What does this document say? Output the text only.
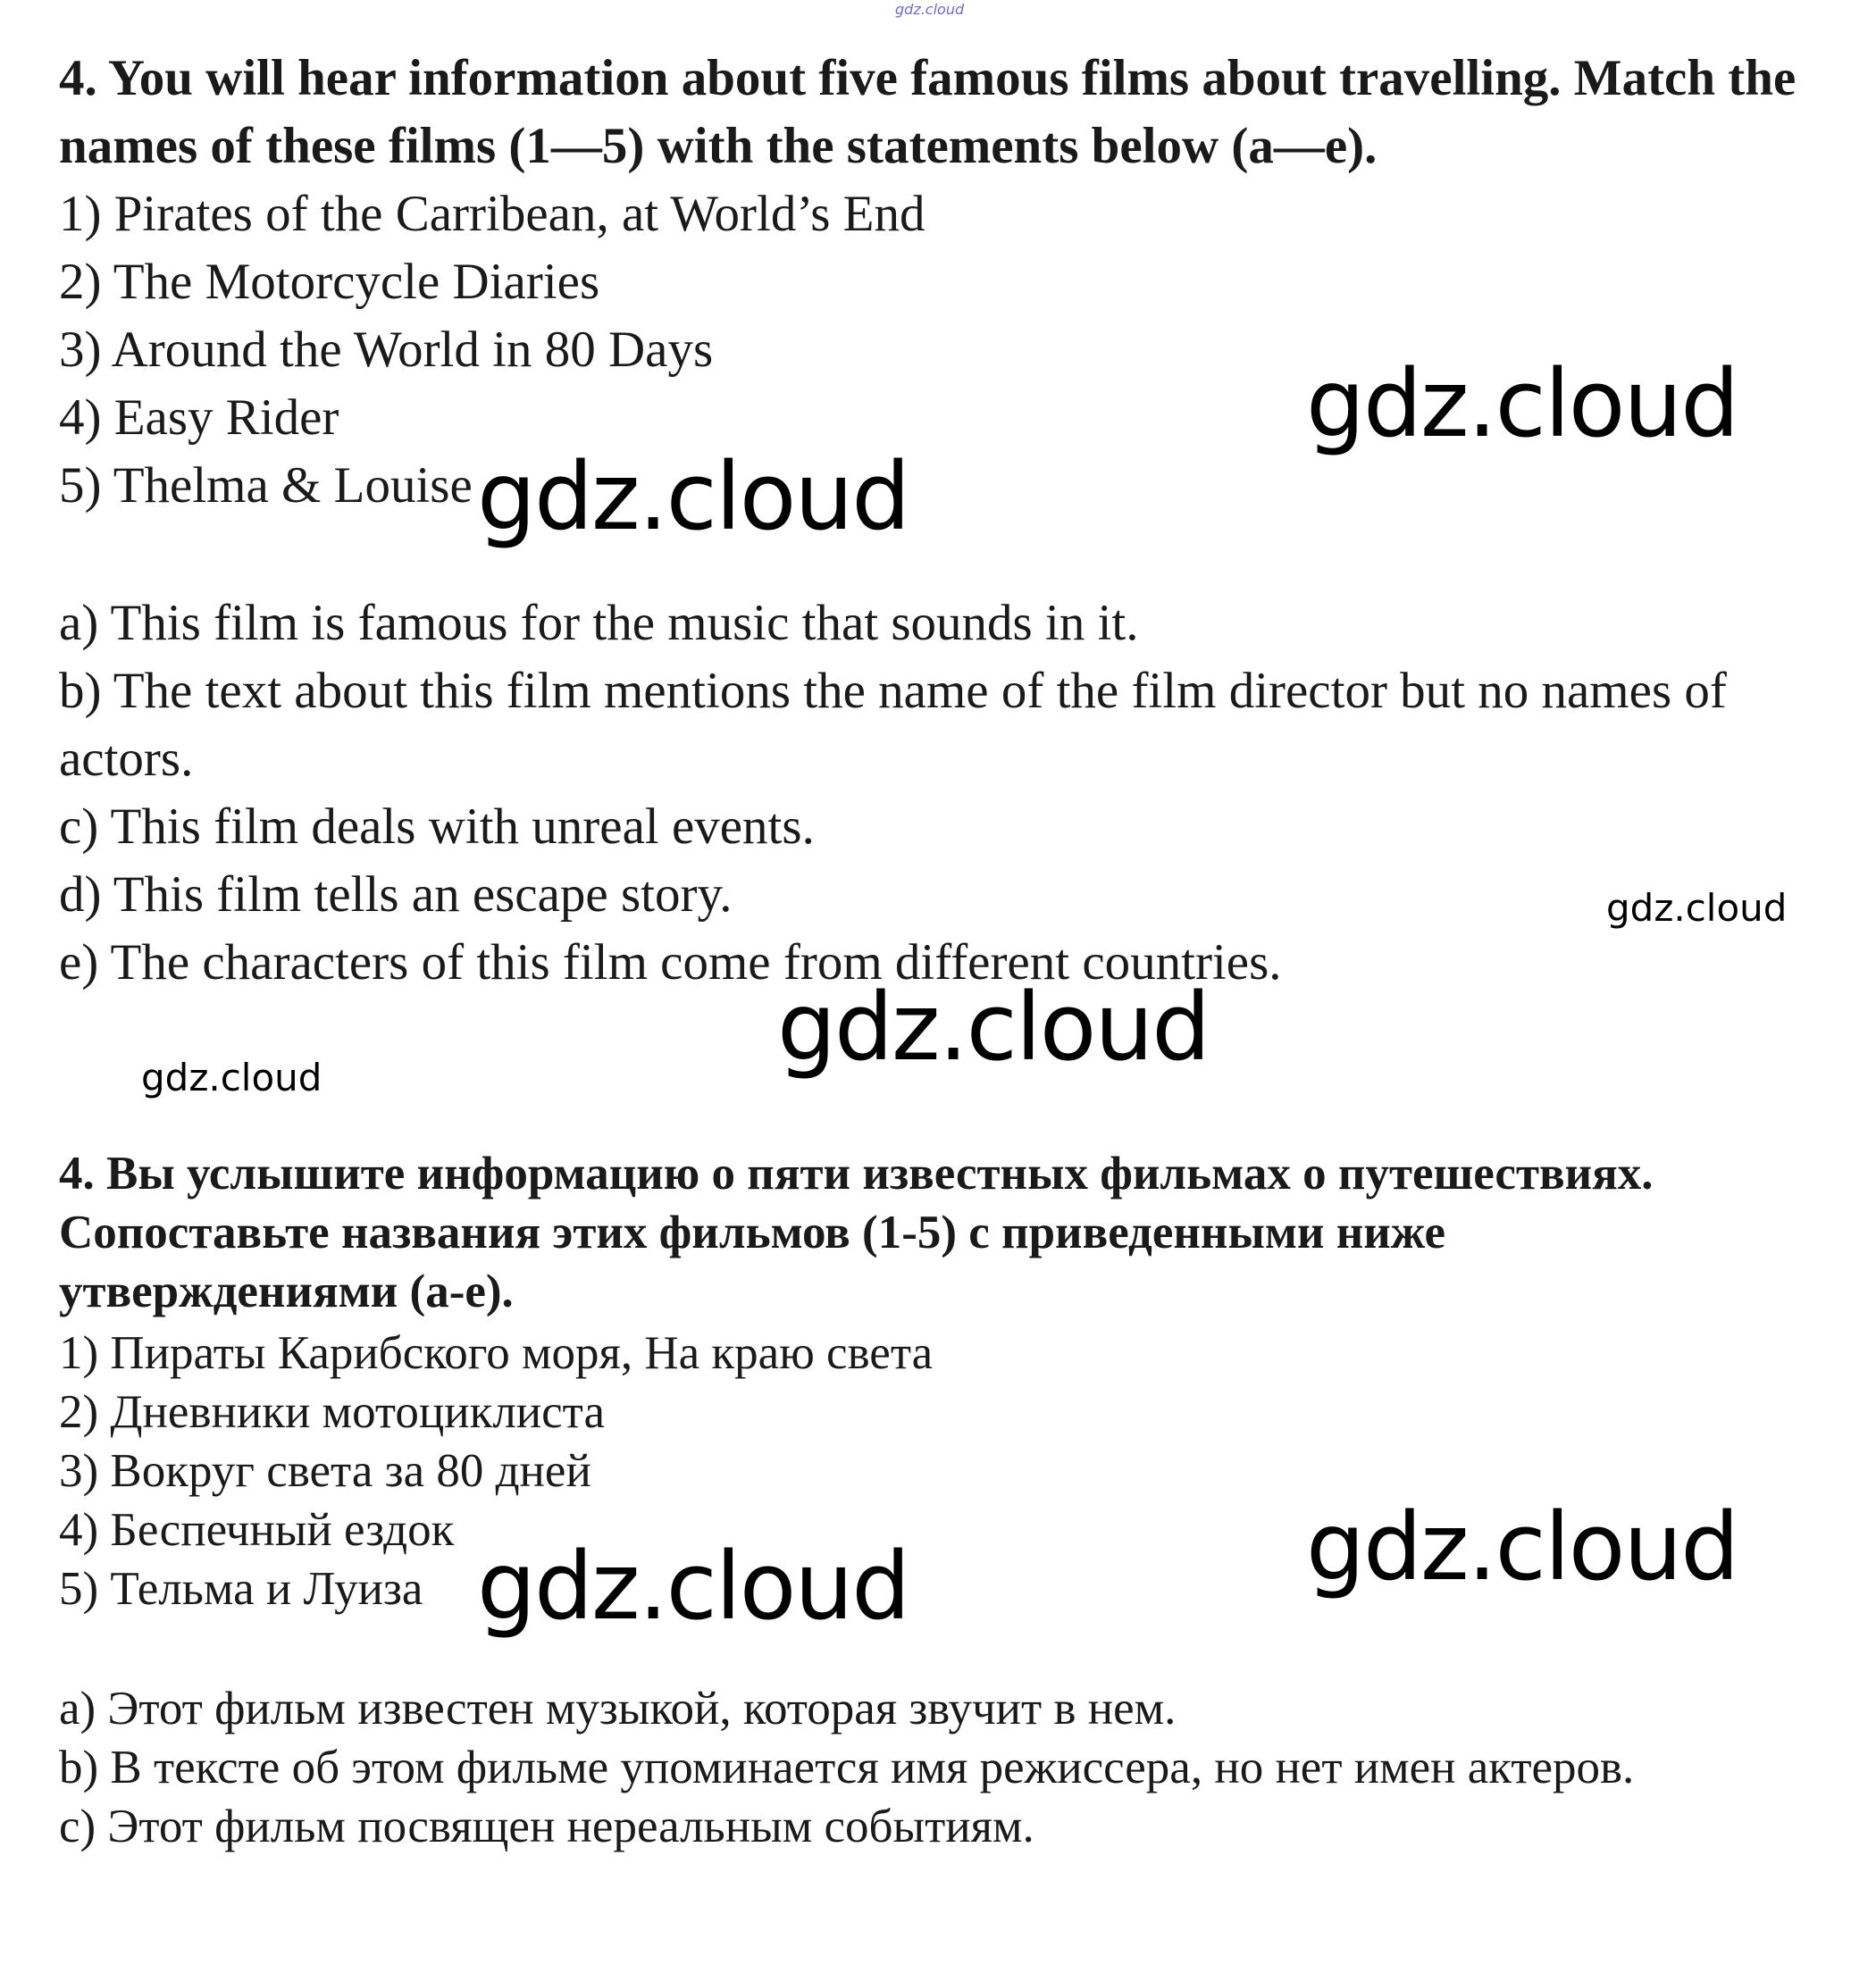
gdz.cloud
4. You will hear information about five famous films about travelling. Match the names of these films (1—5) with the statements below (a—e).
1) Pirates of the Carribean, at World’s End
2) The Motorcycle Diaries
3) Around the World in 80 Days
4) Easy Rider
5) Thelma & Louise
a) This film is famous for the music that sounds in it.
b) The text about this film mentions the name of the film director but no names of actors.
c) This film deals with unreal events.
d) This film tells an escape story.
e) The characters of this film come from different countries.
4. Вы услышите информацию о пяти известных фильмах о путешествиях. Сопоставьте названия этих фильмов (1-5) с приведенными ниже утверждениями (а-е).
1) Пираты Карибского моря, На краю света
2) Дневники мотоциклиста
3) Вокруг света за 80 дней
4) Беспечный ездок
5) Тельма и Луиза
а) Этот фильм известен музыкой, которая звучит в нем.
b) В тексте об этом фильме упоминается имя режиссера, но нет имен актеров.
с) Этот фильм посвящен нереальным событиям.
gdz.cloud
gdz.cloud
gdz.cloud
gdz.cloud
gdz.cloud
gdz.cloud
gdz.cloud
